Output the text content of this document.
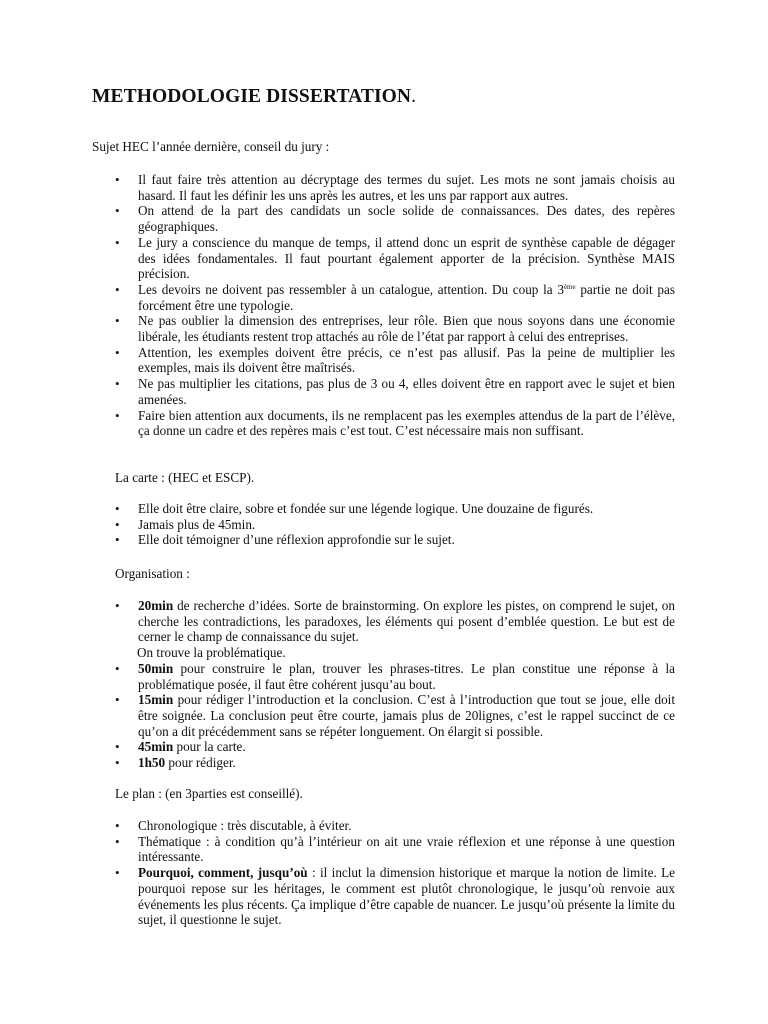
METHODOLOGIE DISSERTATION.

Sujet HEC l’année dernière, conseil du jury :

• Il faut faire très attention au décryptage des termes du sujet. Les mots ne sont jamais choisis au hasard. Il faut les définir les uns après les autres, et les uns par rapport aux autres.
• On attend de la part des candidats un socle solide de connaissances. Des dates, des repères géographiques.
• Le jury a conscience du manque de temps, il attend donc un esprit de synthèse capable de dégager des idées fondamentales. Il faut pourtant également apporter de la précision. Synthèse MAIS précision.
• Les devoirs ne doivent pas ressembler à un catalogue, attention. Du coup la 3ème partie ne doit pas forcément être une typologie.
• Ne pas oublier la dimension des entreprises, leur rôle. Bien que nous soyons dans une économie libérale, les étudiants restent trop attachés au rôle de l’état par rapport à celui des entreprises.
• Attention, les exemples doivent être précis, ce n’est pas allusif. Pas la peine de multiplier les exemples, mais ils doivent être maîtrisés.
• Ne pas multiplier les citations, pas plus de 3 ou 4, elles doivent être en rapport avec le sujet et bien amenées.
• Faire bien attention aux documents, ils ne remplacent pas les exemples attendus de la part de l’élève, ça donne un cadre et des repères mais c’est tout. C’est nécessaire mais non suffisant.

La carte : (HEC et ESCP).

• Elle doit être claire, sobre et fondée sur une légende logique. Une douzaine de figurés.
• Jamais plus de 45min.
• Elle doit témoigner d’une réflexion approfondie sur le sujet.

Organisation :

• 20min de recherche d’idées. Sorte de brainstorming. On explore les pistes, on comprend le sujet, on cherche les contradictions, les paradoxes, les éléments qui posent d’emblée question. Le but est de cerner le champ de connaissance du sujet.
On trouve la problématique.
• 50min pour construire le plan, trouver les phrases-titres. Le plan constitue une réponse à la problématique posée, il faut être cohérent jusqu’au bout.
• 15min pour rédiger l’introduction et la conclusion. C’est à l’introduction que tout se joue, elle doit être soignée. La conclusion peut être courte, jamais plus de 20lignes, c’est le rappel succinct de ce qu’on a dit précédemment sans se répéter longuement. On élargit si possible.
• 45min pour la carte.
• 1h50 pour rédiger.

Le plan : (en 3parties est conseillé).

• Chronologique : très discutable, à éviter.
• Thématique : à condition qu’à l’intérieur on ait une vraie réflexion et une réponse à une question intéressante.
• Pourquoi, comment, jusqu’où : il inclut la dimension historique et marque la notion de limite. Le pourquoi repose sur les héritages, le comment est plutôt chronologique, le jusqu’où renvoie aux événements les plus récents. Ça implique d’être capable de nuancer. Le jusqu’où présente la limite du sujet, il questionne le sujet.
